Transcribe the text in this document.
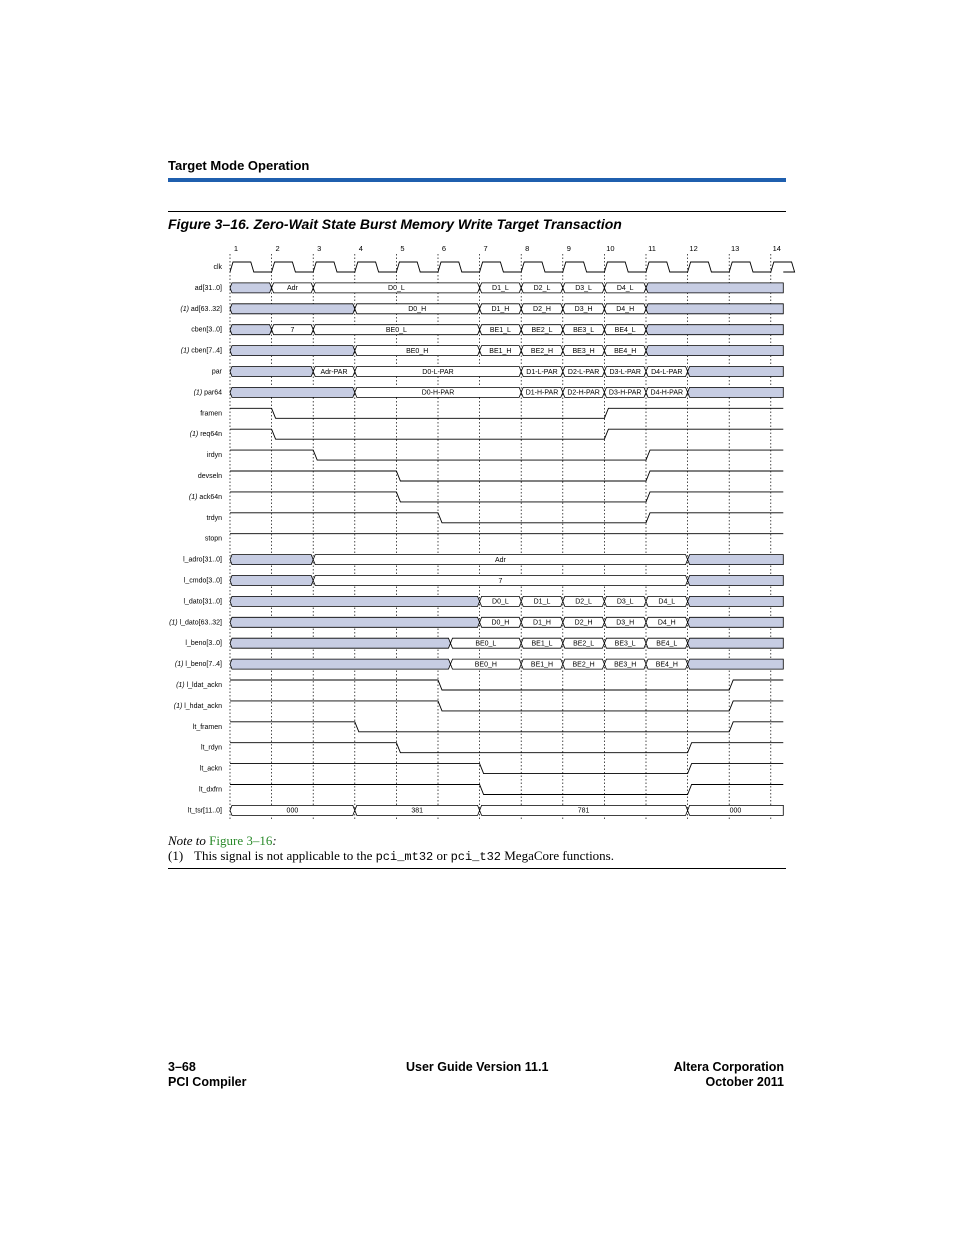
Target Mode Operation
Figure 3–16. Zero-Wait State Burst Memory Write Target Transaction
1	2	3	4	5	6	7	8	9	10	11	12	13	14
clk
ad[31..0]	Adr	D0_L	D1_L	D2_L	D3_L	D4_L
(1) ad[63..32]	D0_H	D1_H	D2_H	D3_H	D4_H
cben[3..0]	7	BE0_L	BE1_L	BE2_L	BE3_L	BE4_L
(1) cben[7..4]	BE0_H	BE1_H	BE2_H	BE3_H	BE4_H
par	Adr-PAR	D0-L-PAR	D1-L-PAR D2-L-PAR D3-L-PAR D4-L-PAR
(1) par64	D0-H-PAR	D1-H-PAR D2-H-PAR D3-H-PAR D4-H-PAR
framen
(1) req64n
irdyn
devseln
(1) ack64n
trdyn
stopn
l_adro[31..0]	Adr
l_cmdo[3..0]	7
l_dato[31..0]	D0_L	D1_L	D2_L	D3_L	D4_L
(1) l_dato[63..32]	D0_H	D1_H	D2_H	D3_H	D4_H
l_beno[3..0]	BE0_L	BE1_L	BE2_L	BE3_L	BE4_L
(1) l_beno[7..4]	BE0_H	BE1_H	BE2_H	BE3_H	BE4_H
(1) l_ldat_ackn
(1) l_hdat_ackn
lt_framen
lt_rdyn
lt_ackn
lt_dxfrn
lt_tsr[11..0]	000	381	781	000
Note to Figure 3–16:
(1) This signal is not applicable to the pci_mt32 or pci_t32 MegaCore functions.
3–68
PCI Compiler
User Guide Version 11.1	Altera Corporation
October 2011
